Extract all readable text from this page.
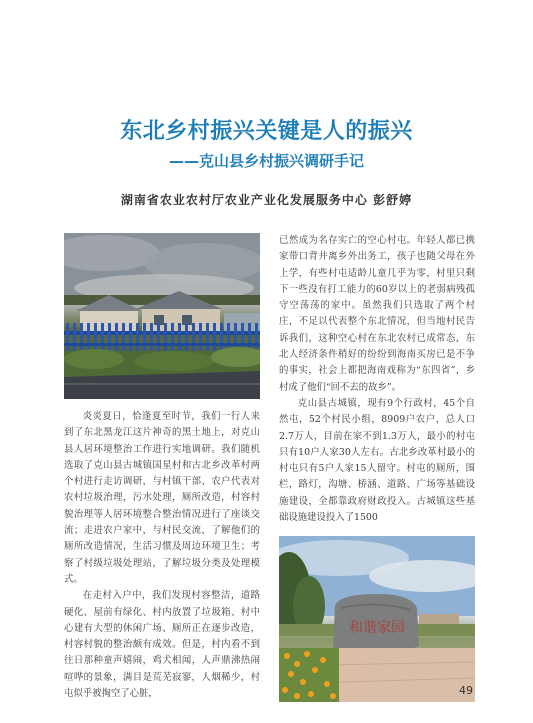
东北乡村振兴关键是人的振兴
——克山县乡村振兴调研手记
湖南省农业农村厅农业产业化发展服务中心 彭舒婷

炎炎夏日，恰逢夏至时节，我们一行人来到了东北黑龙江这片神奇的黑土地上，对克山县人居环境整治工作进行实地调研。我们随机选取了克山县古城镇国星村和古北乡改革村两个村进行走访调研，与村镇干部、农户代表对农村垃圾治理，污水处理，厕所改造，村容村貌治理等人居环境整合整治情况进行了座谈交流；走进农户家中，与村民交流，了解他们的厕所改造情况，生活习惯及周边环境卫生；考察了村级垃圾处理站，了解垃圾分类及处理模式。

在走村入户中，我们发现村容整洁，道路硬化、屋前有绿化、村内放置了垃圾箱、村中心建有大型的休闲广场、厕所正在逐步改造，村容村貌的整治颇有成效。但是，村内看不到往日那种童声嬉闹，鸡犬相闻，人声鼎沸热闹喧哗的景象，满目是荒芜寂寥，人烟稀少，村屯似乎被掏空了心脏，

已然成为名存实亡的空心村屯。年轻人都已携家带口背井离乡外出务工，孩子也随父母在外上学，有些村屯适龄儿童几乎为零，村里只剩下一些没有打工能力的60岁以上的老弱病残孤守空荡荡的家中。虽然我们只选取了两个村庄，不足以代表整个东北情况，但当地村民告诉我们，这种空心村在东北农村已成常态，东北人经济条件稍好的纷纷到海南买房已是不争的事实，社会上都把海南戏称为“东四省”，乡村成了他们“回不去的故乡”。

克山县古城镇，现有9个行政村，45个自然屯，52个村民小组，8909户农户，总人口2.7万人，目前在家不到1.3万人，最小的村屯只有10户人家30人左右。古北乡改革村最小的村屯只有5户人家15人留守。村屯的厕所，围栏，路灯，沟塘、桥涵、道路、广场等基础设施建设，全都靠政府财政投入。古城镇这些基础设施建设投入了1500

和谐家园
49
